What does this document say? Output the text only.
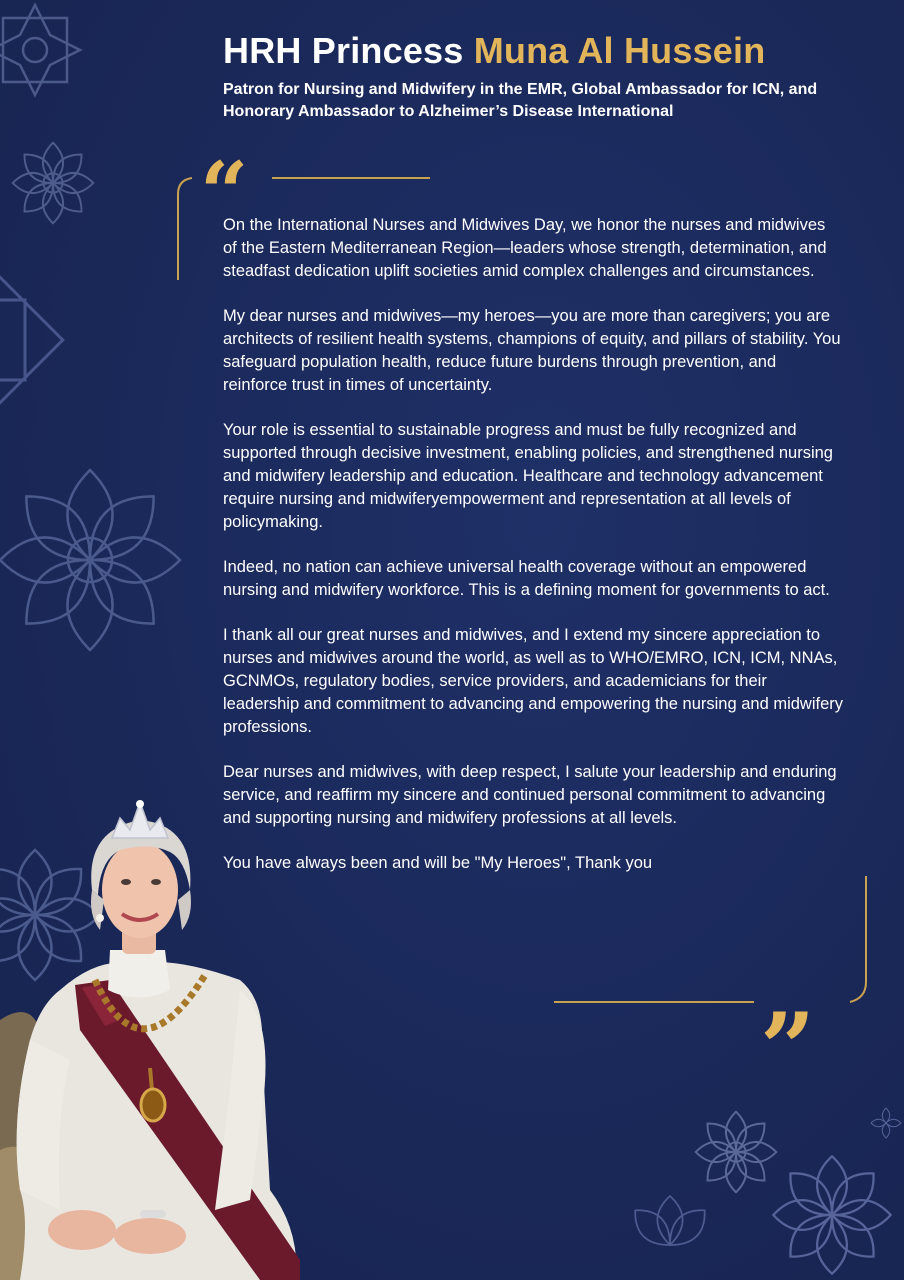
HRH Princess Muna Al Hussein

Patron for Nursing and Midwifery in the EMR, Global Ambassador for ICN, and Honorary Ambassador to Alzheimer’s Disease International

“
”

On the International Nurses and Midwives Day, we honor the nurses and midwives of the Eastern Mediterranean Region—leaders whose strength, determination, and steadfast dedication uplift societies amid complex challenges and circumstances.

My dear nurses and midwives—my heroes—you are more than caregivers; you are architects of resilient health systems, champions of equity, and pillars of stability. You safeguard population health, reduce future burdens through prevention, and reinforce trust in times of uncertainty.

Your role is essential to sustainable progress and must be fully recognized and supported through decisive investment, enabling policies, and strengthened nursing and midwifery leadership and education. Healthcare and technology advancement require nursing and midwiferyempowerment and representation at all levels of policymaking.

Indeed, no nation can achieve universal health coverage without an empowered nursing and midwifery workforce. This is a defining moment for governments to act.

I thank all our great nurses and midwives, and I extend my sincere appreciation to nurses and midwives around the world, as well as to WHO/EMRO, ICN, ICM, NNAs, GCNMOs, regulatory bodies, service providers, and academicians for their leadership and commitment to advancing and empowering the nursing and midwifery professions.

Dear nurses and midwives, with deep respect, I salute your leadership and enduring service, and reaffirm my sincere and continued personal commitment to advancing and supporting nursing and midwifery professions at all levels.

You have always been and will be "My Heroes", Thank you
